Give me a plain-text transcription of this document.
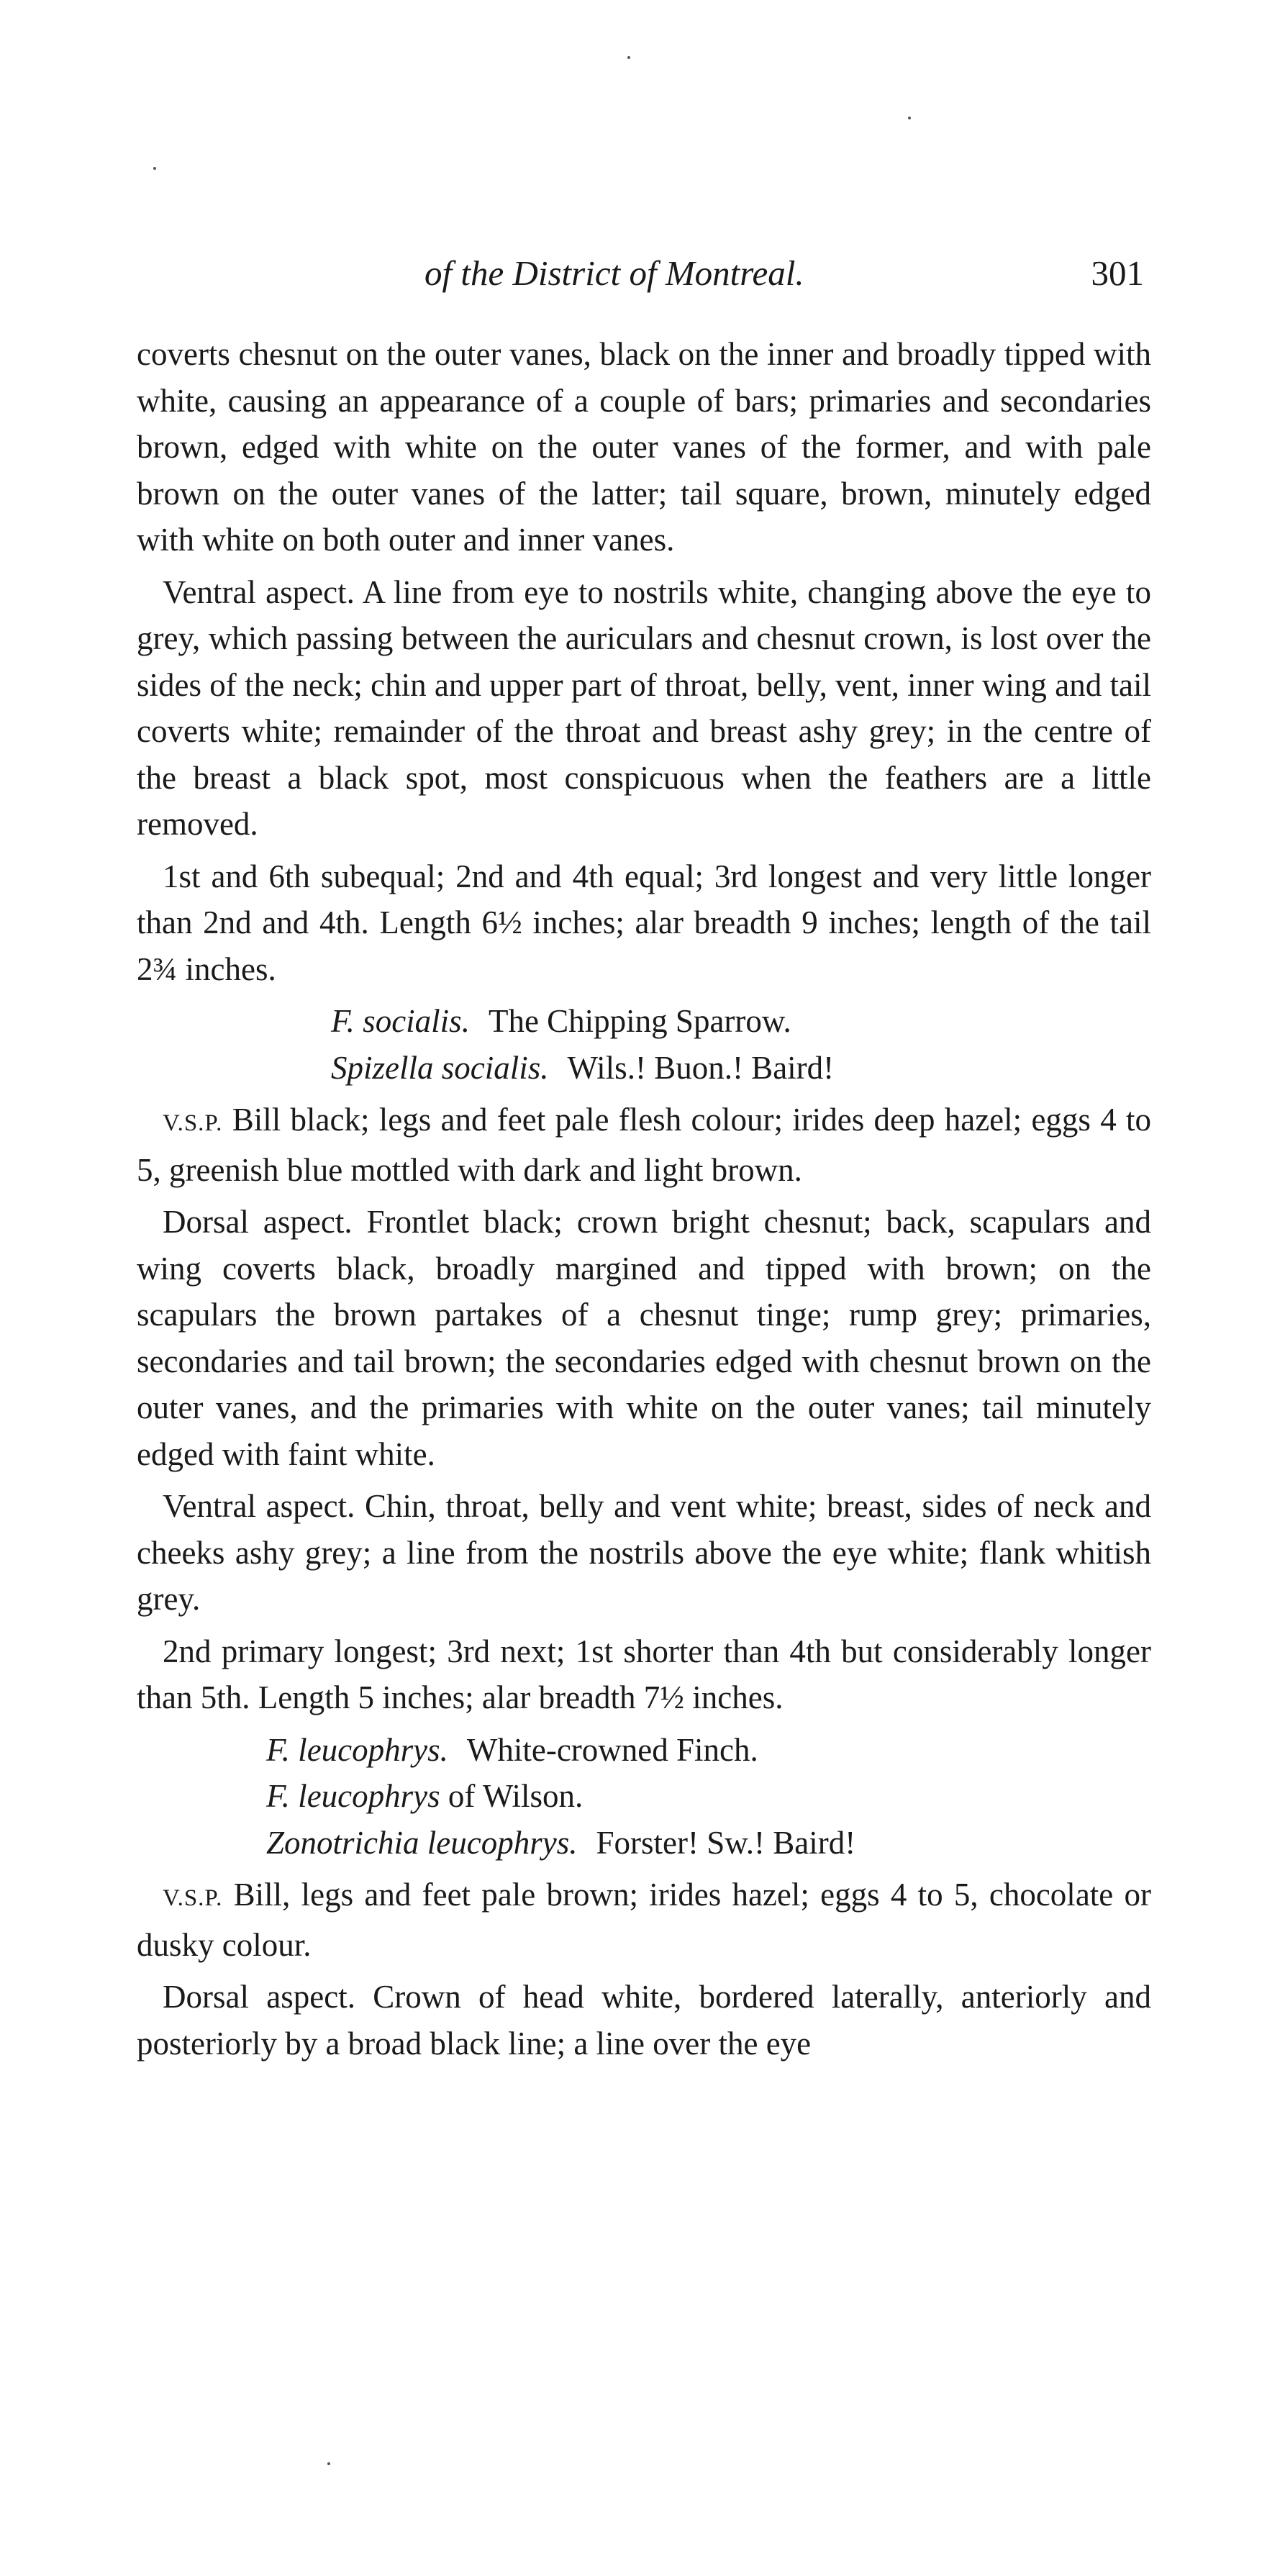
of the District of Montreal.	301

coverts chesnut on the outer vanes, black on the inner and broadly tipped with white, causing an appearance of a couple of bars; primaries and secondaries brown, edged with white on the outer vanes of the former, and with pale brown on the outer vanes of the latter; tail square, brown, minutely edged with white on both outer and inner vanes.

Ventral aspect. A line from eye to nostrils white, changing above the eye to grey, which passing between the auriculars and chesnut crown, is lost over the sides of the neck; chin and upper part of throat, belly, vent, inner wing and tail coverts white; remainder of the throat and breast ashy grey; in the centre of the breast a black spot, most conspicuous when the feathers are a little removed.

1st and 6th subequal; 2nd and 4th equal; 3rd longest and very little longer than 2nd and 4th. Length 6½ inches; alar breadth 9 inches; length of the tail 2¾ inches.

F. socialis. The Chipping Sparrow.

Spizella socialis. Wils.! Buon.! Baird!

V.S.P. Bill black; legs and feet pale flesh colour; irides deep hazel; eggs 4 to 5, greenish blue mottled with dark and light brown.

Dorsal aspect. Frontlet black; crown bright chesnut; back, scapulars and wing coverts black, broadly margined and tipped with brown; on the scapulars the brown partakes of a chesnut tinge; rump grey; primaries, secondaries and tail brown; the secondaries edged with chesnut brown on the outer vanes, and the primaries with white on the outer vanes; tail minutely edged with faint white.

Ventral aspect. Chin, throat, belly and vent white; breast, sides of neck and cheeks ashy grey; a line from the nostrils above the eye white; flank whitish grey.

2nd primary longest; 3rd next; 1st shorter than 4th but considerably longer than 5th. Length 5 inches; alar breadth 7½ inches.

F. leucophrys. White-crowned Finch.

F. leucophrys of Wilson.

Zonotrichia leucophrys. Forster! Sw.! Baird!

V.S.P. Bill, legs and feet pale brown; irides hazel; eggs 4 to 5, chocolate or dusky colour.

Dorsal aspect. Crown of head white, bordered laterally, anteriorly and posteriorly by a broad black line; a line over the eye
